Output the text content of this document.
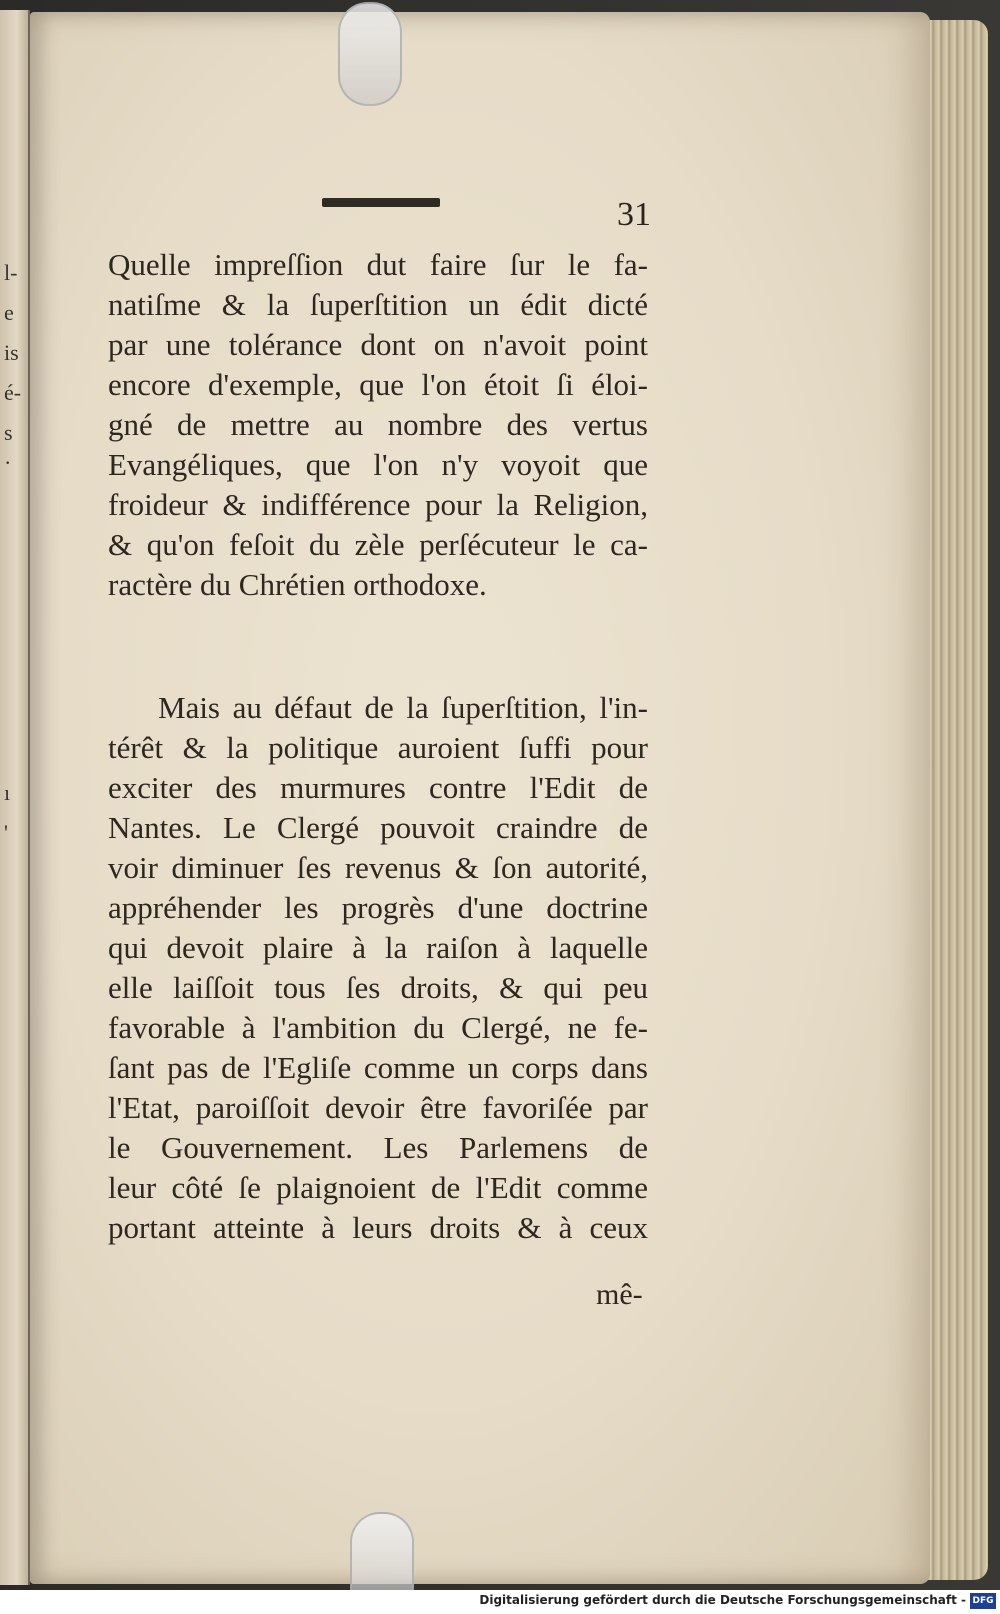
l-
e
is
é-
s
·
ı
'
31
Quelle impreſſion dut faire ſur le fa-
natiſme & la ſuperſtition un édit dicté
par une tolérance dont on n'avoit point
encore d'exemple, que l'on étoit ſi éloi-
gné de mettre au nombre des vertus
Evangéliques, que l'on n'y voyoit que
froideur & indifférence pour la Religion,
& qu'on feſoit du zèle perſécuteur le ca-
ractère du Chrétien orthodoxe.
Mais au défaut de la ſuperſtition, l'in-
térêt & la politique auroient ſuffi pour
exciter des murmures contre l'Edit de
Nantes. Le Clergé pouvoit craindre de
voir diminuer ſes revenus & ſon autorité,
appréhender les progrès d'une doctrine
qui devoit plaire à la raiſon à laquelle
elle laiſſoit tous ſes droits, & qui peu
favorable à l'ambition du Clergé, ne fe-
ſant pas de l'Egliſe comme un corps dans
l'Etat, paroiſſoit devoir être favoriſée par
le Gouvernement. Les Parlemens de
leur côté ſe plaignoient de l'Edit comme
portant atteinte à leurs droits & à ceux
mê-
Digitalisierung gefördert durch die Deutsche Forschungsgemeinschaft - DFG
